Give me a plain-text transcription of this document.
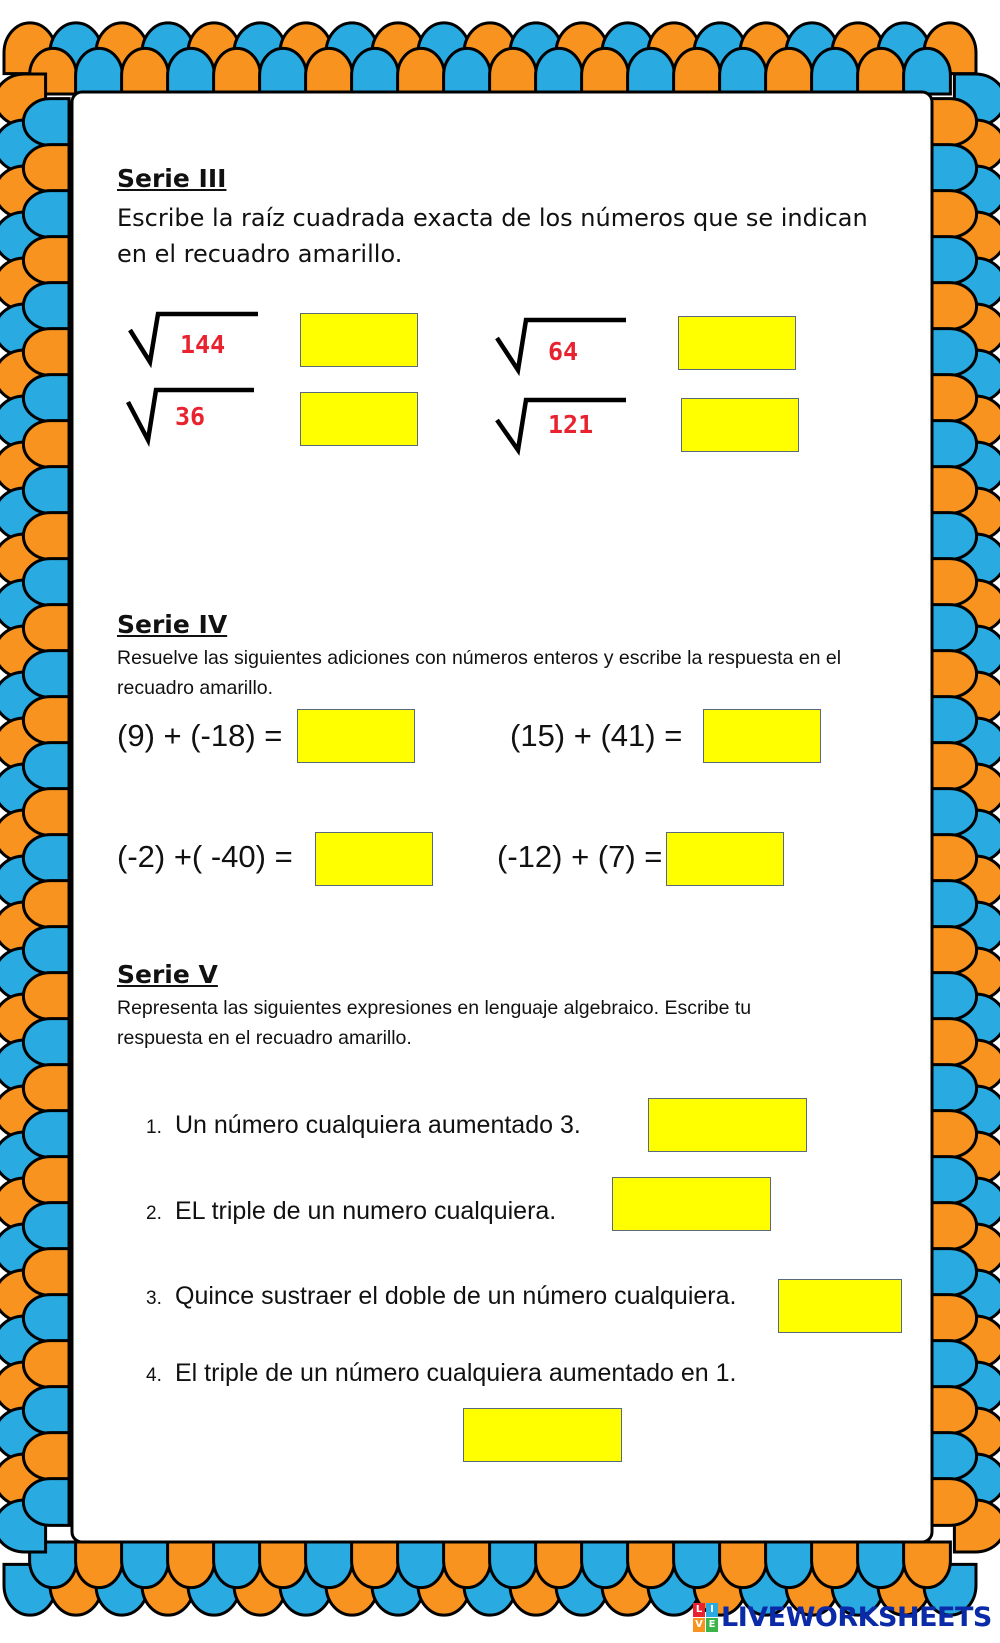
Serie III
Escribe la raíz cuadrada exacta de los números que se indican
en el recuadro amarillo.
144	64
36	121
Serie IV
Resuelve las siguientes adiciones con números enteros y escribe la respuesta en el
recuadro amarillo.
(9) + (-18) =	(15) + (41) =
(-2) +( -40) =	(-12) + (7) =
Serie V
Representa las siguientes expresiones en lenguaje algebraico. Escribe tu
respuesta en el recuadro amarillo.
1. Un número cualquiera aumentado 3.
2. EL triple de un numero cualquiera.
3. Quince sustraer el doble de un número cualquiera.
4. El triple de un número cualquiera aumentado en 1.
L I
V E LIVEWORKSHEETS
